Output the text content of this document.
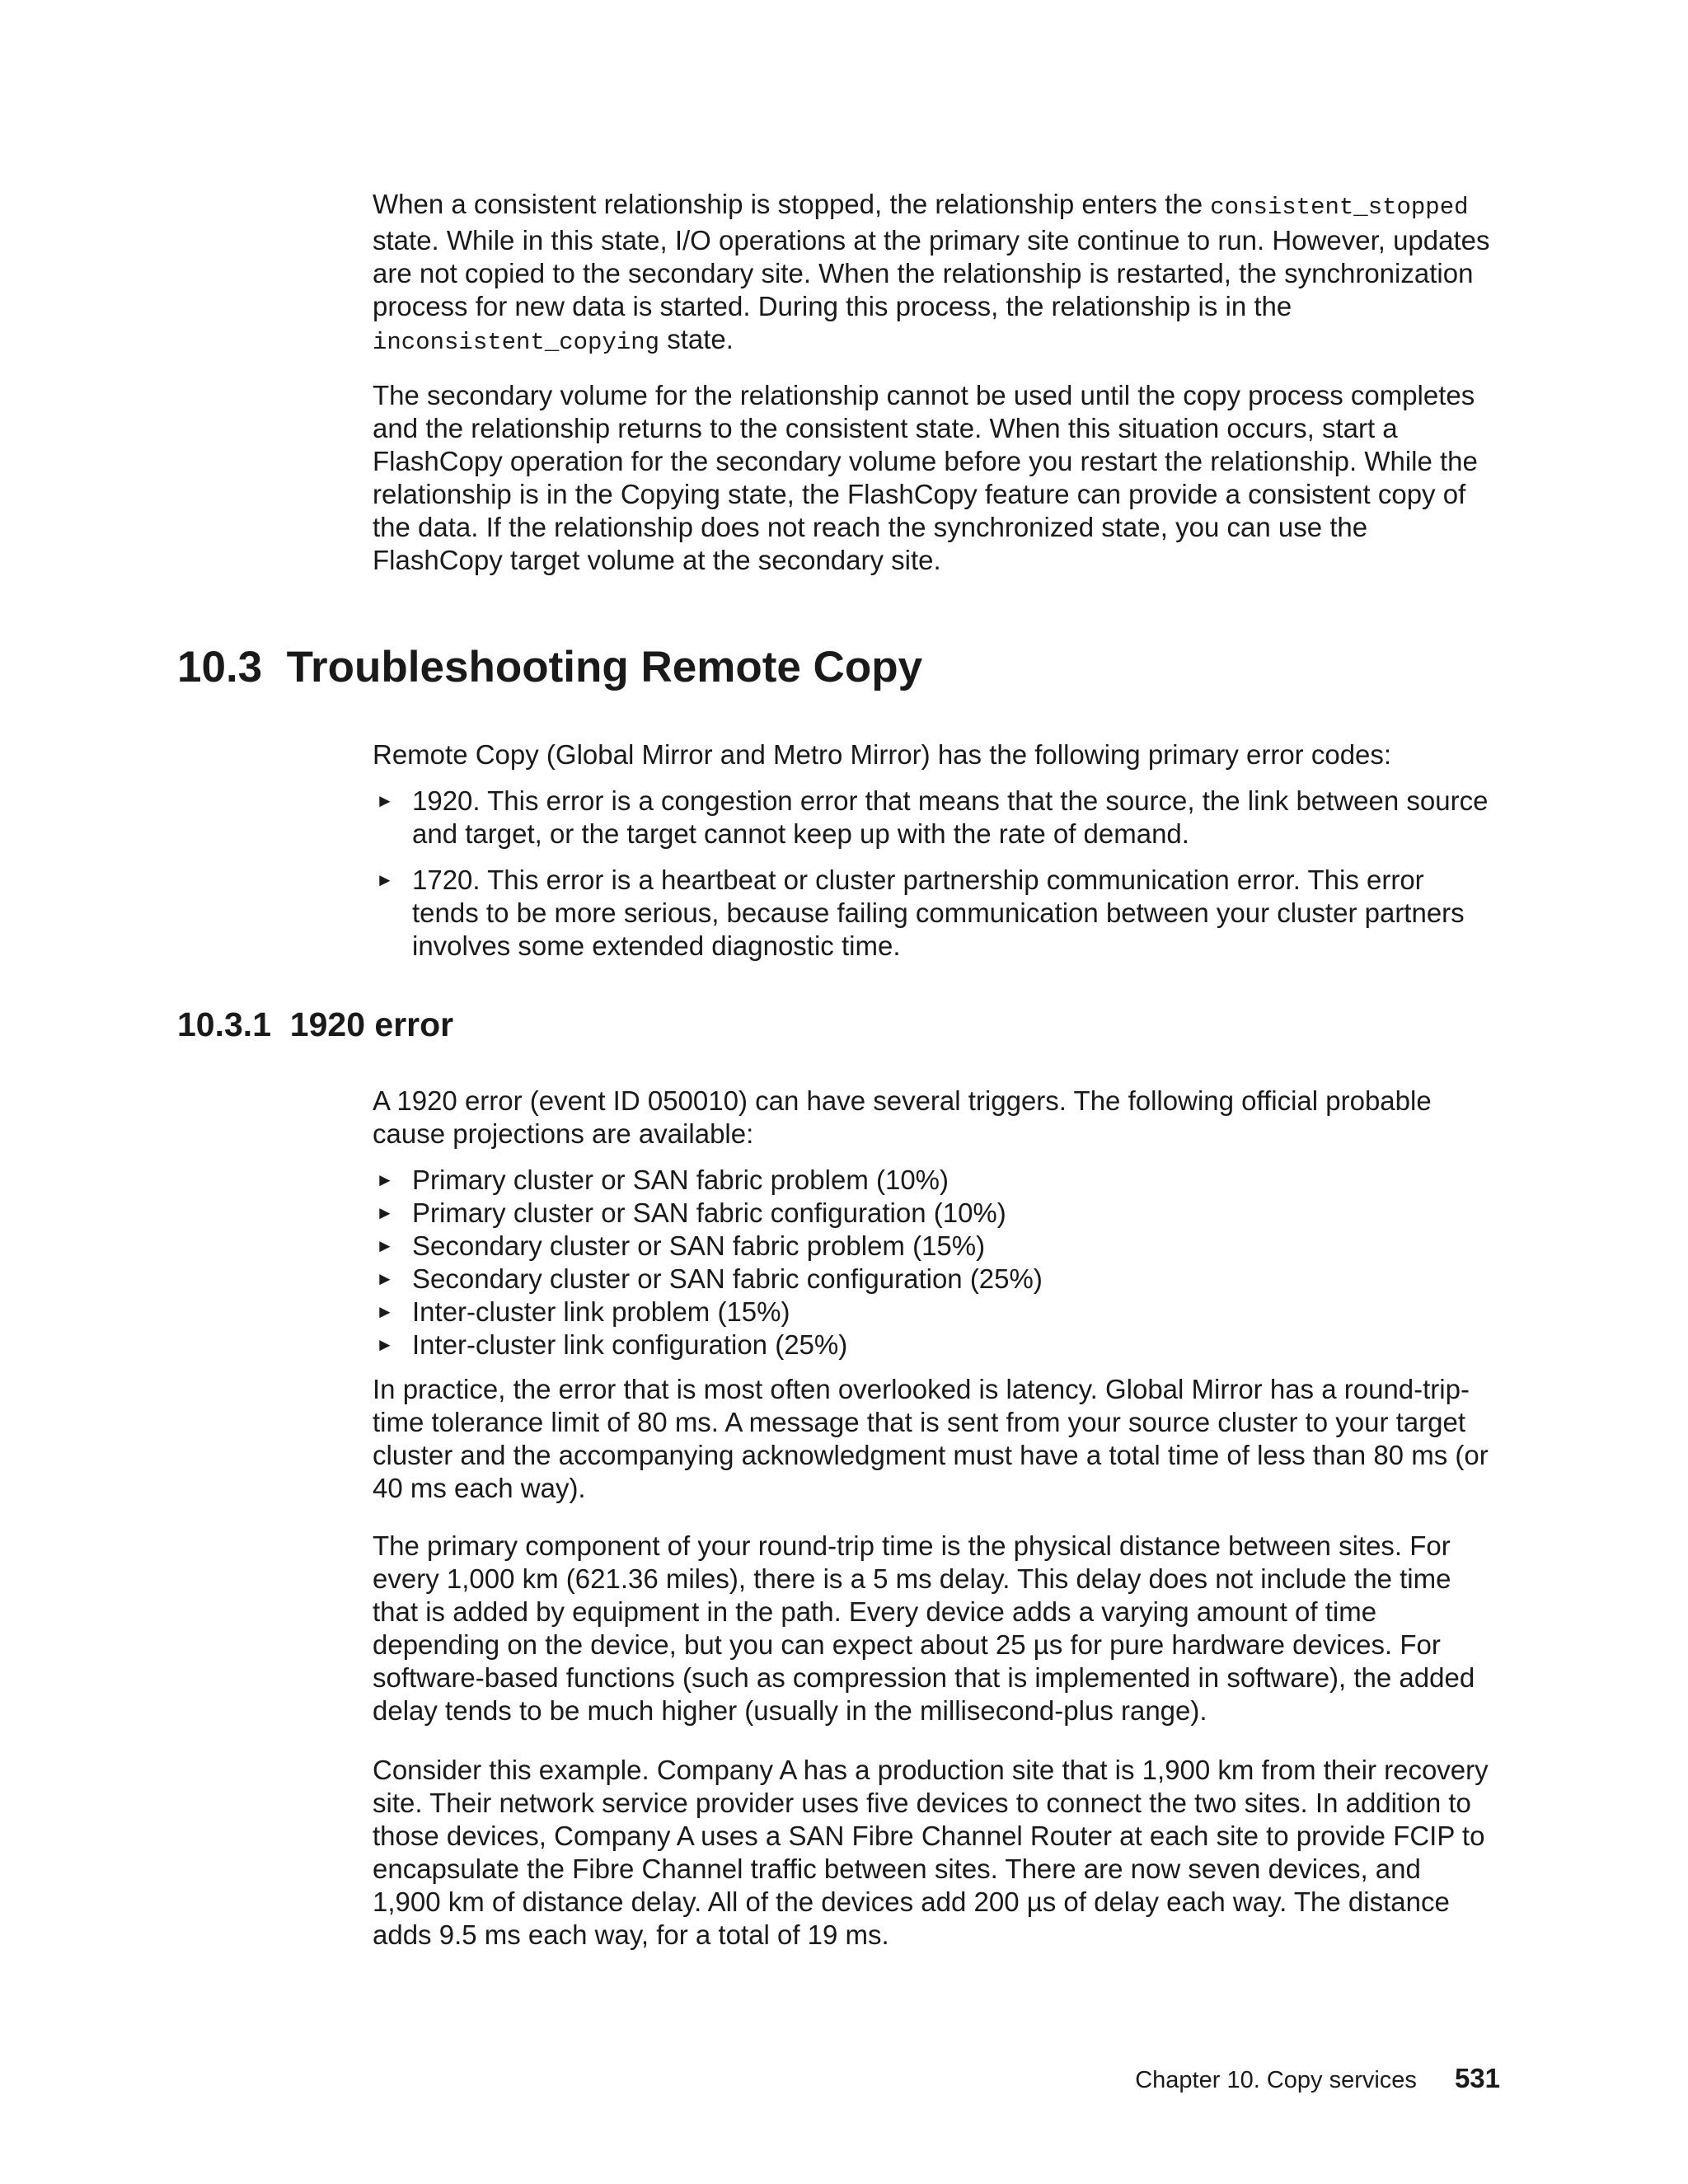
When a consistent relationship is stopped, the relationship enters the consistent_stopped state. While in this state, I/O operations at the primary site continue to run. However, updates are not copied to the secondary site. When the relationship is restarted, the synchronization process for new data is started. During this process, the relationship is in the inconsistent_copying state.

The secondary volume for the relationship cannot be used until the copy process completes and the relationship returns to the consistent state. When this situation occurs, start a FlashCopy operation for the secondary volume before you restart the relationship. While the relationship is in the Copying state, the FlashCopy feature can provide a consistent copy of the data. If the relationship does not reach the synchronized state, you can use the FlashCopy target volume at the secondary site.

10.3 Troubleshooting Remote Copy

Remote Copy (Global Mirror and Metro Mirror) has the following primary error codes:

► 1920. This error is a congestion error that means that the source, the link between source and target, or the target cannot keep up with the rate of demand.
► 1720. This error is a heartbeat or cluster partnership communication error. This error tends to be more serious, because failing communication between your cluster partners involves some extended diagnostic time.
10.3.1 1920 error

A 1920 error (event ID 050010) can have several triggers. The following official probable cause projections are available:

► Primary cluster or SAN fabric problem (10%)
► Primary cluster or SAN fabric configuration (10%)
► Secondary cluster or SAN fabric problem (15%)
► Secondary cluster or SAN fabric configuration (25%)
► Inter-cluster link problem (15%)
► Inter-cluster link configuration (25%)

In practice, the error that is most often overlooked is latency. Global Mirror has a round-trip-time tolerance limit of 80 ms. A message that is sent from your source cluster to your target cluster and the accompanying acknowledgment must have a total time of less than 80 ms (or 40 ms each way).

The primary component of your round-trip time is the physical distance between sites. For every 1,000 km (621.36 miles), there is a 5 ms delay. This delay does not include the time that is added by equipment in the path. Every device adds a varying amount of time depending on the device, but you can expect about 25 µs for pure hardware devices. For software-based functions (such as compression that is implemented in software), the added delay tends to be much higher (usually in the millisecond-plus range).

Consider this example. Company A has a production site that is 1,900 km from their recovery site. Their network service provider uses five devices to connect the two sites. In addition to those devices, Company A uses a SAN Fibre Channel Router at each site to provide FCIP to encapsulate the Fibre Channel traffic between sites. There are now seven devices, and 1,900 km of distance delay. All of the devices add 200 µs of delay each way. The distance adds 9.5 ms each way, for a total of 19 ms.

Chapter 10. Copy services 531
